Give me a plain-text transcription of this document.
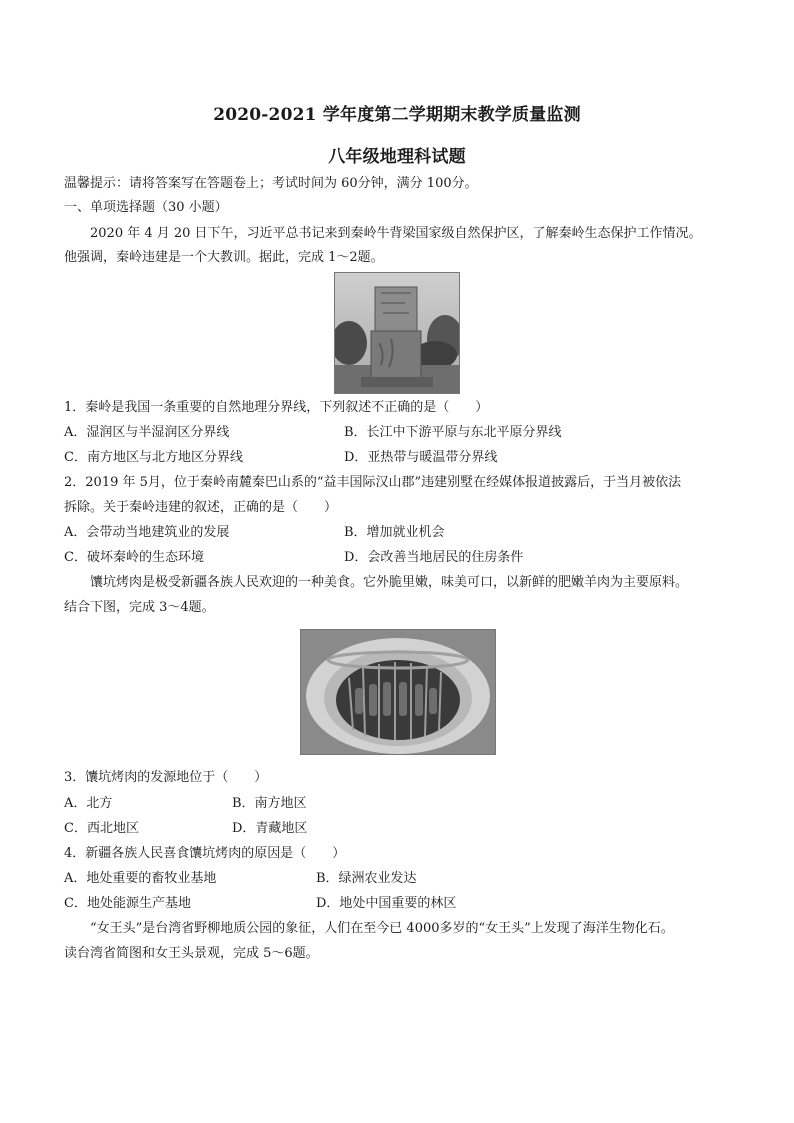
2020-2021 学年度第二学期期末教学质量监测
八年级地理科试题
温馨提示：请将答案写在答题卷上；考试时间为 60分钟，满分 100分。
一、单项选择题（30 小题）
2020 年 4 月 20 日下午，习近平总书记来到秦岭牛背梁国家级自然保护区，了解秦岭生态保护工作情况。
他强调，秦岭违建是一个大教训。据此，完成 1～2题。
1．秦岭是我国一条重要的自然地理分界线，下列叙述不正确的是（　　）
A．湿润区与半湿润区分界线	B．长江中下游平原与东北平原分界线
C．南方地区与北方地区分界线	D．亚热带与暖温带分界线
2．2019 年 5月，位于秦岭南麓秦巴山系的“益丰国际汉山郡”违建别墅在经媒体报道披露后，于当月被依法
拆除。关于秦岭违建的叙述，正确的是（　　）
A．会带动当地建筑业的发展	B．增加就业机会
C．破坏秦岭的生态环境	D．会改善当地居民的住房条件
馕坑烤肉是极受新疆各族人民欢迎的一种美食。它外脆里嫩，味美可口，以新鲜的肥嫩羊肉为主要原料。
结合下图，完成 3～4题。
3．馕坑烤肉的发源地位于（　　）
A．北方	B．南方地区
C．西北地区	D．青藏地区
4．新疆各族人民喜食馕坑烤肉的原因是（　　）
A．地处重要的畜牧业基地	B．绿洲农业发达
C．地处能源生产基地	D．地处中国重要的林区
“女王头”是台湾省野柳地质公园的象征，人们在至今已 4000多岁的“女王头”上发现了海洋生物化石。
读台湾省简图和女王头景观，完成 5～6题。
